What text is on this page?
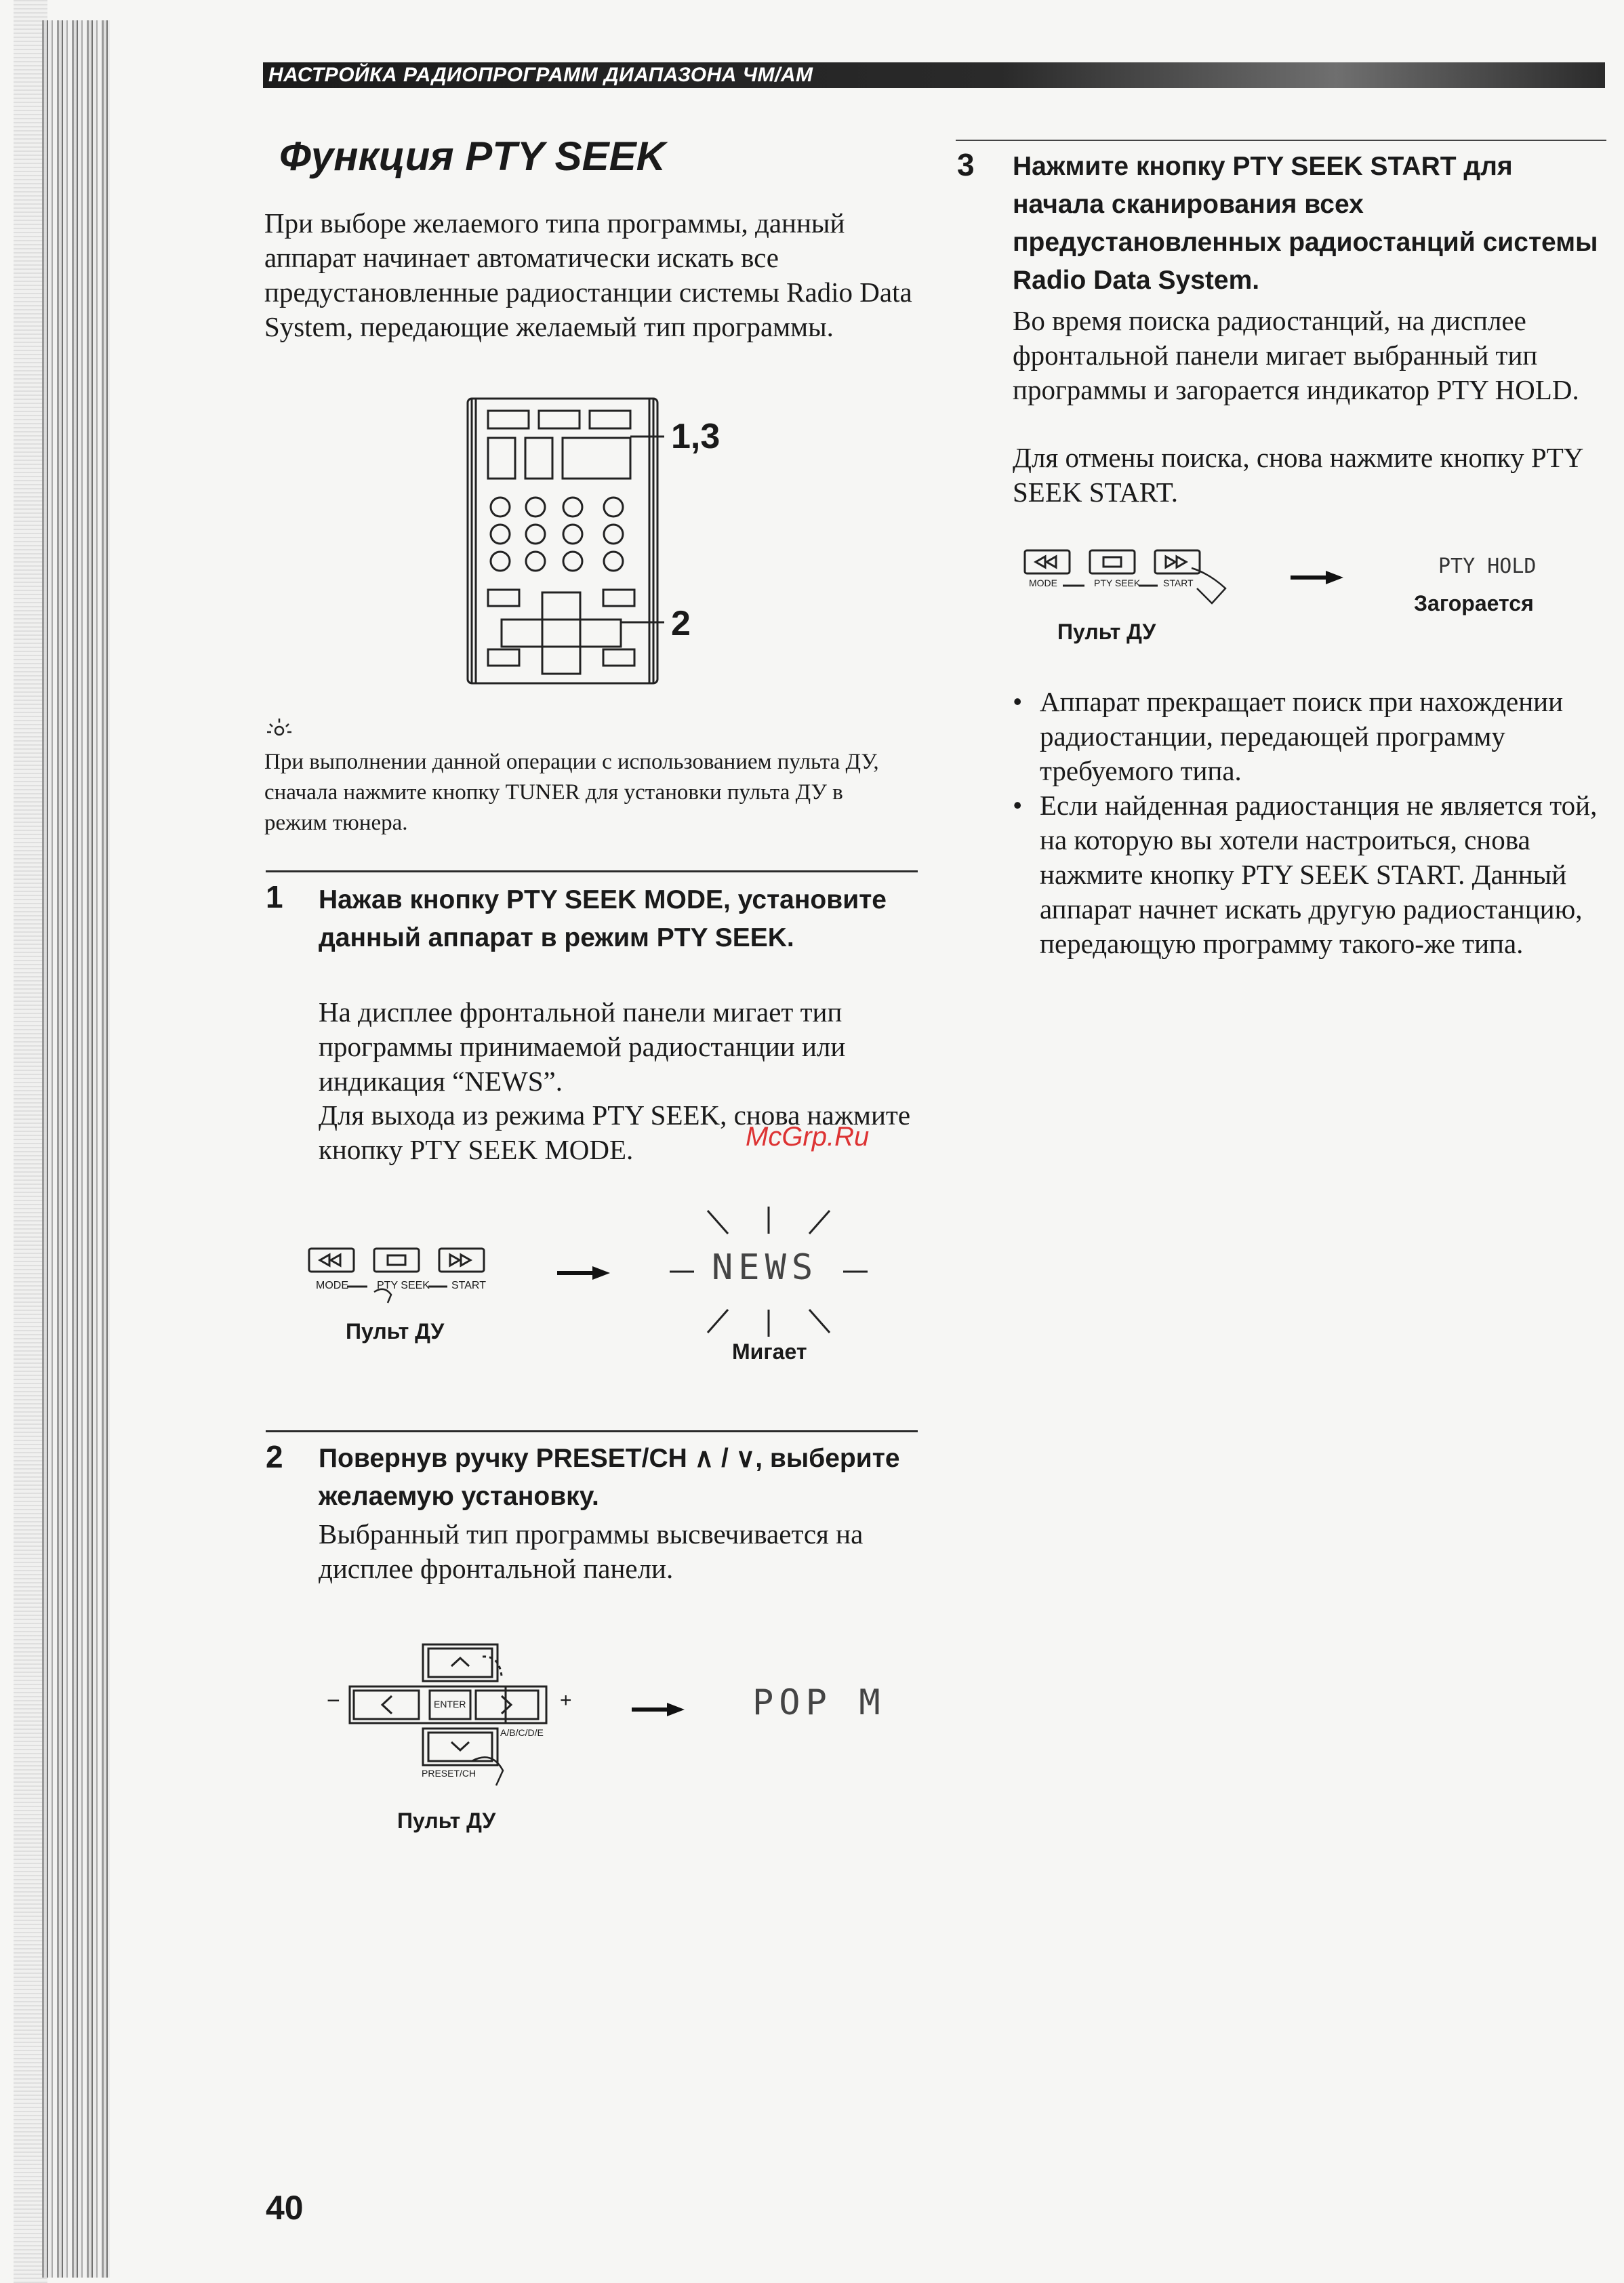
НАСТРОЙКА РАДИОПРОГРАММ ДИАПАЗОНА ЧМ/АМ
Функция PTY SEEK

При выборе желаемого типа программы, данный аппарат начинает автоматически искать все предустановленные радиостанции системы Radio Data System, передающие желаемый тип программы.

1,3
2

При выполнении данной операции с использованием пульта ДУ, сначала нажмите кнопку TUNER для установки пульта ДУ в режим тюнера.

1 Нажав кнопку PTY SEEK MODE, установите данный аппарат в режим PTY SEEK.

На дисплее фронтальной панели мигает тип программы принимаемой радиостанции или индикация “NEWS”.

Для выхода из режима PTY SEEK, снова нажмите кнопку PTY SEEK MODE.

MODE	PTY SEEK START
Пульт ДУ
NEWS
Мигает
2 Повернув ручку PRESET/CH ∧ / ∨, выберите желаемую установку.

Выбранный тип программы высвечивается на дисплее фронтальной панели.

−	+
ENTER
A/B/C/D/E
PRESET/CH
Пульт ДУ
POP M
3 Нажмите кнопку PTY SEEK START для начала сканирования всех предустановленных радиостанций системы Radio Data System.

Во время поиска радиостанций, на дисплее фронтальной панели мигает выбранный тип программы и загорается индикатор PTY HOLD.

Для отмены поиска, снова нажмите кнопку PTY SEEK START.

MODE	PTY SEEK START
Пульт ДУ
PTY HOLD
Загорается
• Аппарат прекращает поиск при нахождении радиостанции, передающей программу требуемого типа.
• Если найденная радиостанция не является той, на которую вы хотели настроиться, снова нажмите кнопку PTY SEEK START. Данный аппарат начнет искать другую радиостанцию, передающую программу такого-же типа.
McGrp.Ru
40
